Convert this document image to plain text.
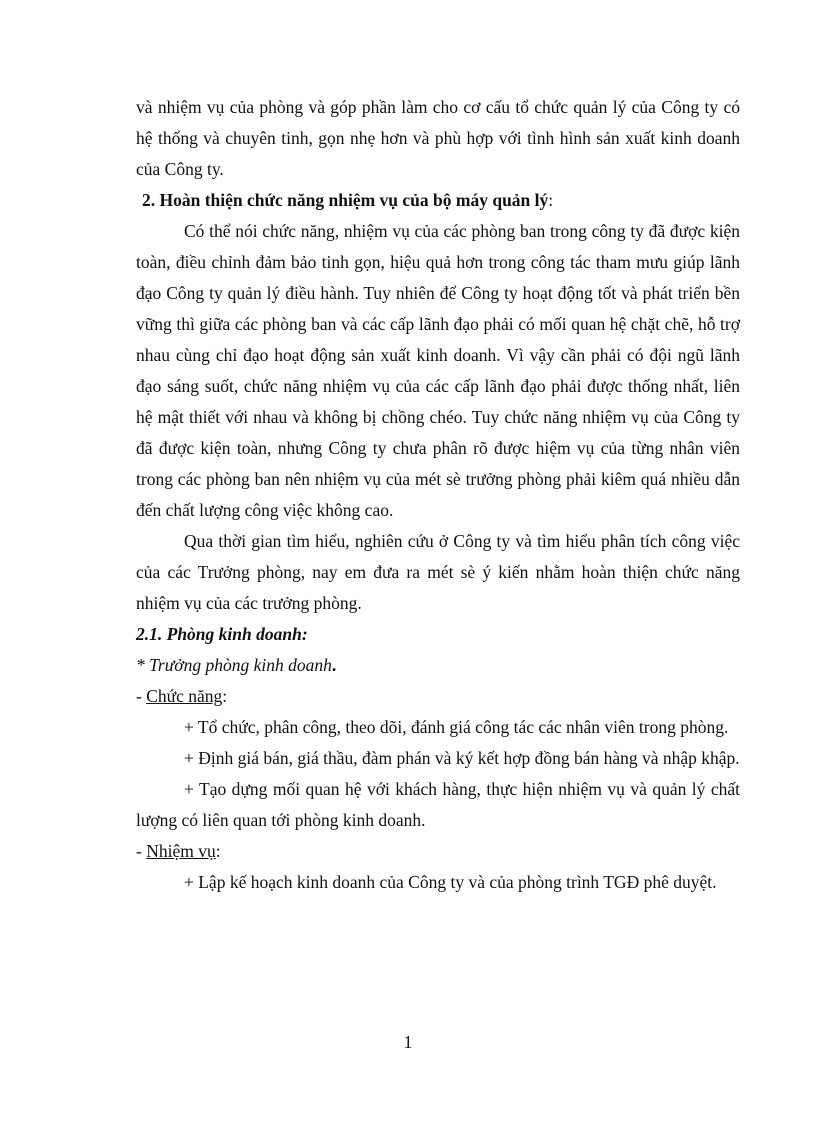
và nhiệm vụ của phòng và góp phần làm cho cơ cấu tổ chức quản lý của Công ty có hệ thống và chuyên tinh, gọn nhẹ hơn và phù hợp với tình hình sản xuất kinh doanh của Công ty.

2. Hoàn thiện chức năng nhiệm vụ của bộ máy quản lý:

Có thể nói chức năng, nhiệm vụ của các phòng ban trong công ty đã được kiện toàn, điều chỉnh đảm bảo tinh gọn, hiệu quả hơn trong công tác tham mưu giúp lãnh đạo Công ty quản lý điều hành. Tuy nhiên để Công ty hoạt động tốt và phát triển bền vững thì giữa các phòng ban và các cấp lãnh đạo phải có mối quan hệ chặt chẽ, hỗ trợ nhau cùng chỉ đạo hoạt động sản xuất kinh doanh. Vì vậy cần phải có đội ngũ lãnh đạo sáng suốt, chức năng nhiệm vụ của các cấp lãnh đạo phải được thống nhất, liên hệ mật thiết với nhau và không bị chồng chéo. Tuy chức năng nhiệm vụ của Công ty đã được kiện toàn, nhưng Công ty chưa phân rõ được hiệm vụ của từng nhân viên trong các phòng ban nên nhiệm vụ của mét sè trưởng phòng phải kiêm quá nhiều dẫn đến chất lượng công việc không cao.

Qua thời gian tìm hiểu, nghiên cứu ở Công ty và tìm hiểu phân tích công việc của các Trưởng phòng, nay em đưa ra mét sè ý kiến nhằm hoàn thiện chức năng nhiệm vụ của các trưởng phòng.

2.1. Phòng kinh doanh:

* Trưởng phòng kinh doanh.

- Chức năng:

+ Tổ chức, phân công, theo dõi, đánh giá công tác các nhân viên trong phòng.

+ Định giá bán, giá thầu, đàm phán và ký kết hợp đồng bán hàng và nhập khập.

+ Tạo dựng mối quan hệ với khách hàng, thực hiện nhiệm vụ và quản lý chất lượng có liên quan tới phòng kinh doanh.

- Nhiệm vụ:

+ Lập kế hoạch kinh doanh của Công ty và của phòng trình TGĐ phê duyệt.

1
